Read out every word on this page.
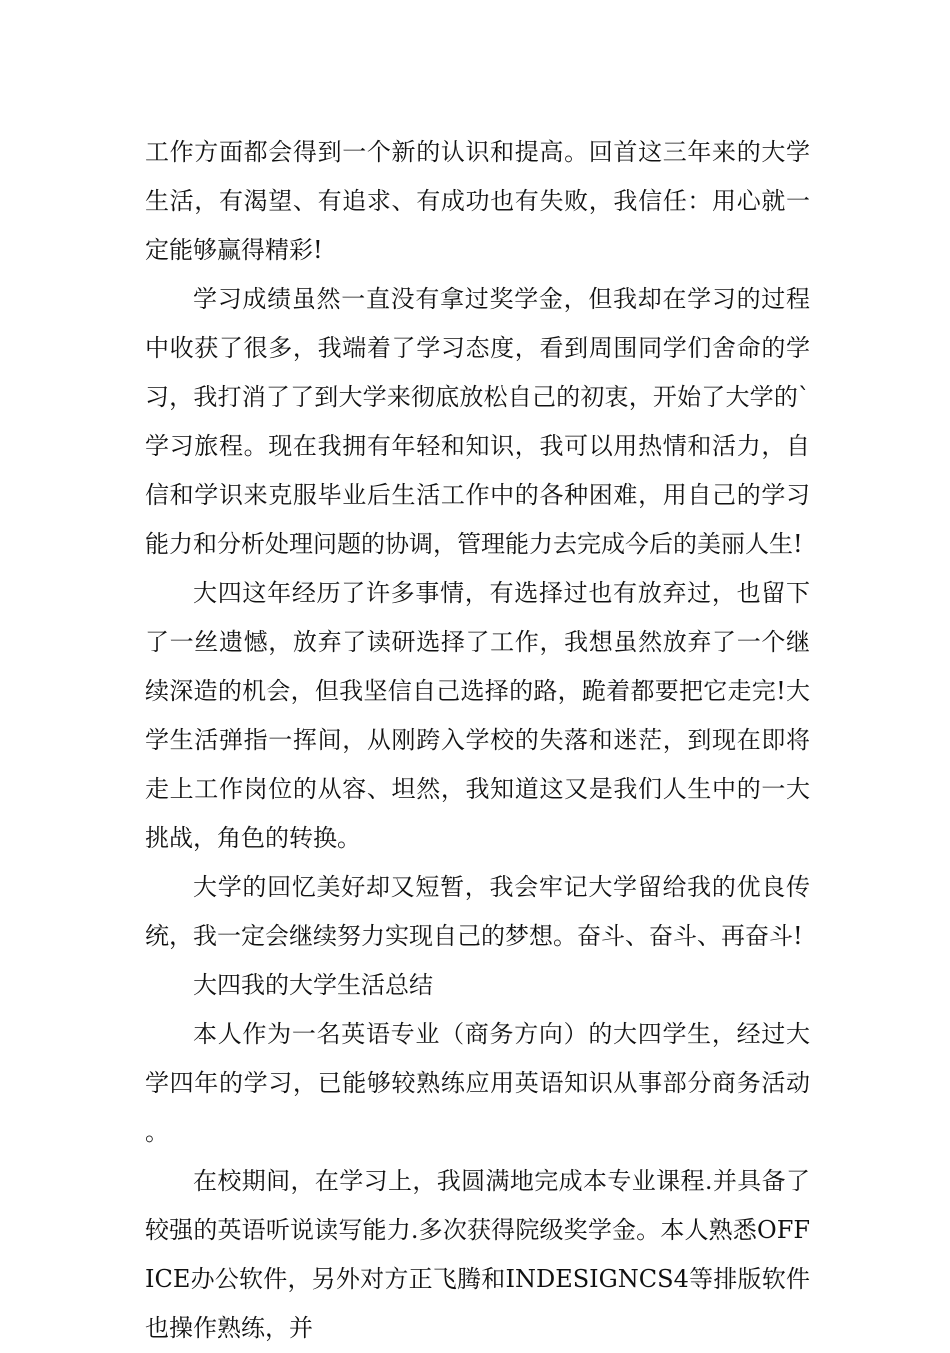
工作方面都会得到一个新的认识和提高。回首这三年来的大学生活，有渴望、有追求、有成功也有失败，我信任：用心就一定能够赢得精彩!

学习成绩虽然一直没有拿过奖学金，但我却在学习的过程中收获了很多，我端着了学习态度，看到周围同学们舍命的学习，我打消了了到大学来彻底放松自己的初衷，开始了大学的`学习旅程。现在我拥有年轻和知识，我可以用热情和活力，自信和学识来克服毕业后生活工作中的各种困难，用自己的学习能力和分析处理问题的协调，管理能力去完成今后的美丽人生!

大四这年经历了许多事情，有选择过也有放弃过，也留下了一丝遗憾，放弃了读研选择了工作，我想虽然放弃了一个继续深造的机会，但我坚信自己选择的路，跪着都要把它走完!大学生活弹指一挥间，从刚跨入学校的失落和迷茫，到现在即将走上工作岗位的从容、坦然，我知道这又是我们人生中的一大挑战，角色的转换。

大学的回忆美好却又短暂，我会牢记大学留给我的优良传统，我一定会继续努力实现自己的梦想。奋斗、奋斗、再奋斗!

大四我的大学生活总结

本人作为一名英语专业（商务方向）的大四学生，经过大学四年的学习，已能够较熟练应用英语知识从事部分商务活动。

在校期间，在学习上，我圆满地完成本专业课程.并具备了较强的英语听说读写能力.多次获得院级奖学金。本人熟悉OFFICE办公软件，另外对方正飞腾和INDESIGNCS4等排版软件也操作熟练，并
